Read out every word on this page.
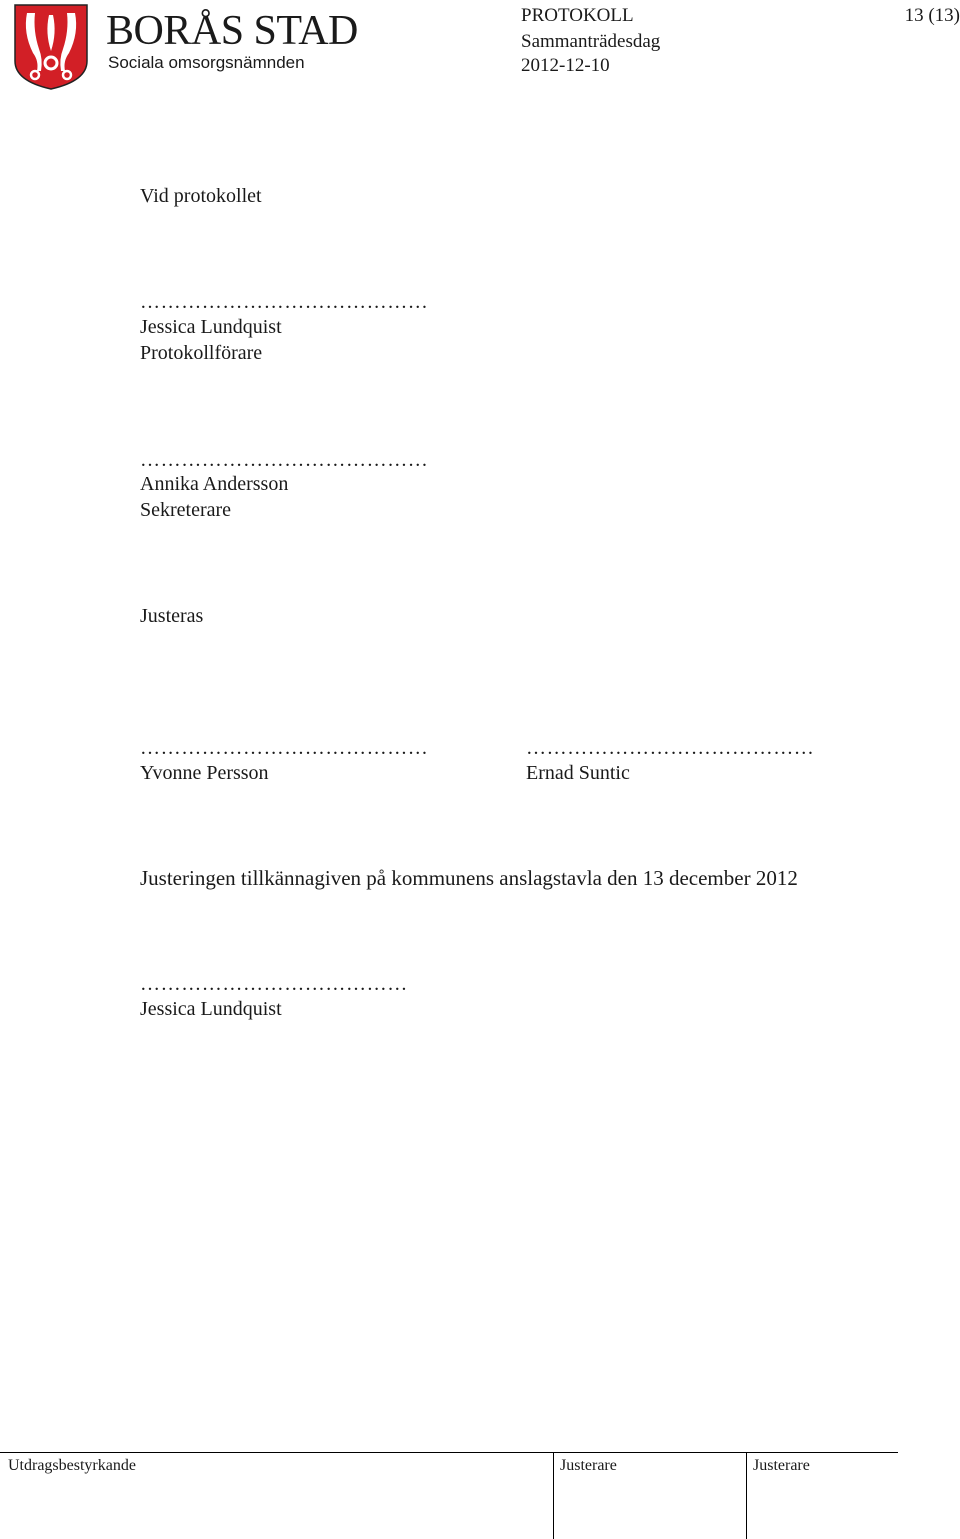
BORÅS STAD
Sociala omsorgsnämnden
PROTOKOLL
Sammanträdesdag
2012-12-10
13 (13)
Vid protokollet
……………………………………
Jessica Lundquist
Protokollförare
……………………………………
Annika Andersson
Sekreterare
Justeras
……………………………………
Yvonne Persson
……………………………………
Ernad Suntic
Justeringen tillkännagiven på kommunens anslagstavla den 13 december 2012
…………………………………
Jessica Lundquist
Utdragsbestyrkande	Justerare	Justerare
